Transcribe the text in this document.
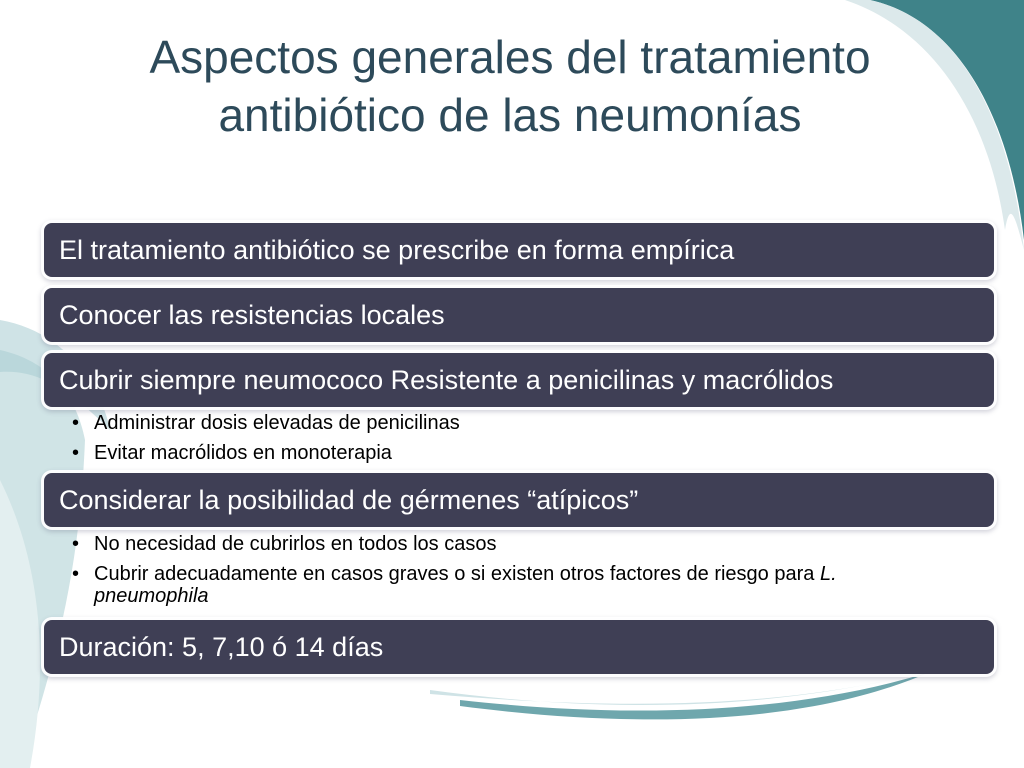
Aspectos generales del tratamiento antibiótico de las neumonías
El tratamiento antibiótico se prescribe en forma empírica
Conocer las resistencias locales
Cubrir siempre neumococo Resistente a penicilinas y macrólidos
• Administrar dosis elevadas de penicilinas
• Evitar macrólidos en monoterapia
Considerar la posibilidad de gérmenes “atípicos”
• No necesidad de cubrirlos en todos los casos
• Cubrir adecuadamente en casos graves o si existen otros factores de riesgo para L. pneumophila
Duración: 5, 7,10 ó 14 días
